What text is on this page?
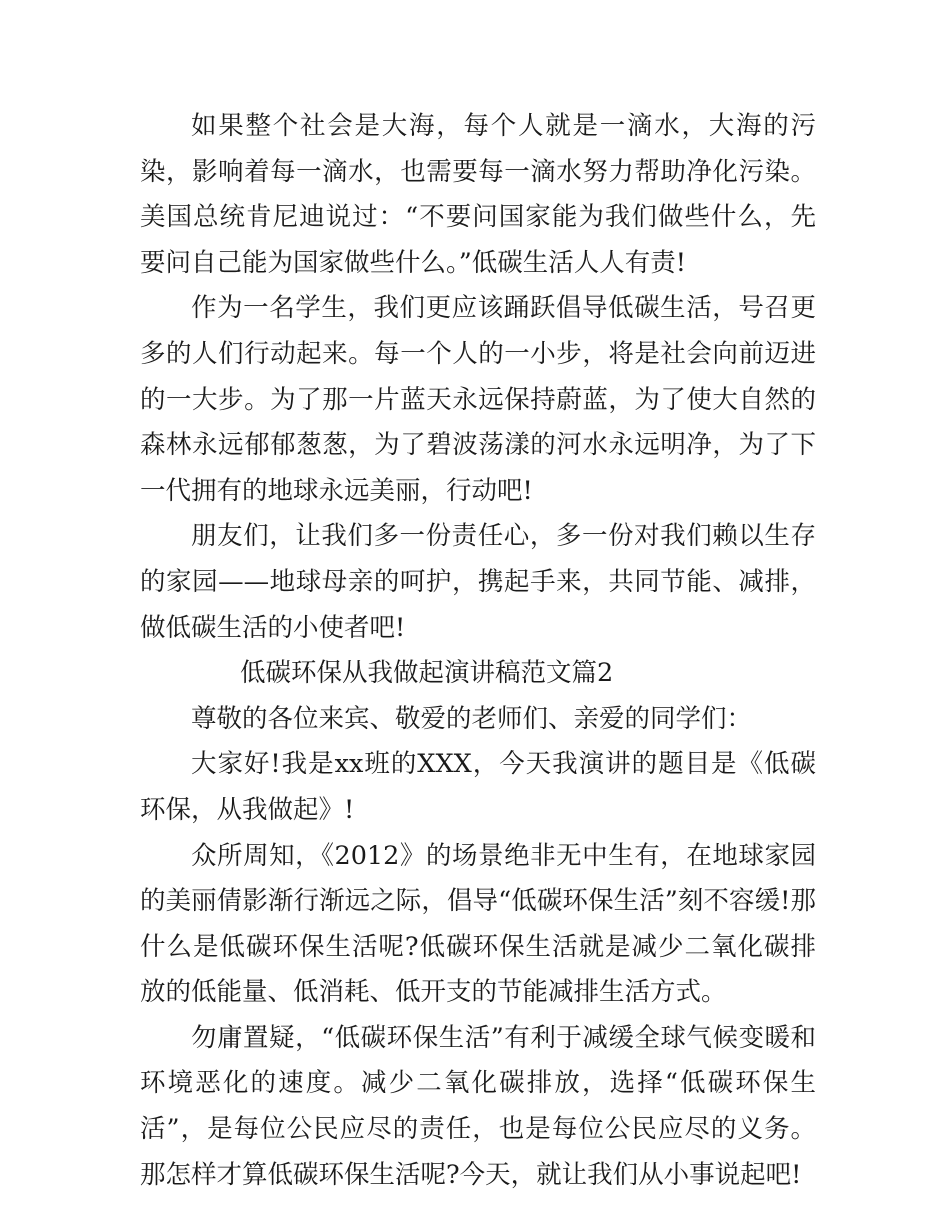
如果整个社会是大海，每个人就是一滴水，大海的污染，影响着每一滴水，也需要每一滴水努力帮助净化污染。美国总统肯尼迪说过：“不要问国家能为我们做些什么，先要问自己能为国家做些什么。”低碳生活人人有责!

作为一名学生，我们更应该踊跃倡导低碳生活，号召更多的人们行动起来。每一个人的一小步，将是社会向前迈进的一大步。为了那一片蓝天永远保持蔚蓝，为了使大自然的森林永远郁郁葱葱，为了碧波荡漾的河水永远明净，为了下一代拥有的地球永远美丽，行动吧!

朋友们，让我们多一份责任心，多一份对我们赖以生存的家园——地球母亲的呵护，携起手来，共同节能、减排，做低碳生活的小使者吧!

低碳环保从我做起演讲稿范文篇2

尊敬的各位来宾、敬爱的老师们、亲爱的同学们：

大家好!我是xx班的XXX，今天我演讲的题目是《低碳环保，从我做起》!

众所周知，《2012》的场景绝非无中生有，在地球家园的美丽倩影渐行渐远之际，倡导“低碳环保生活”刻不容缓!那什么是低碳环保生活呢?低碳环保生活就是减少二氧化碳排放的低能量、低消耗、低开支的节能减排生活方式。

勿庸置疑，“低碳环保生活”有利于减缓全球气候变暖和环境恶化的速度。减少二氧化碳排放，选择“低碳环保生活”，是每位公民应尽的责任，也是每位公民应尽的义务。那怎样才算低碳环保生活呢?今天，就让我们从小事说起吧!
